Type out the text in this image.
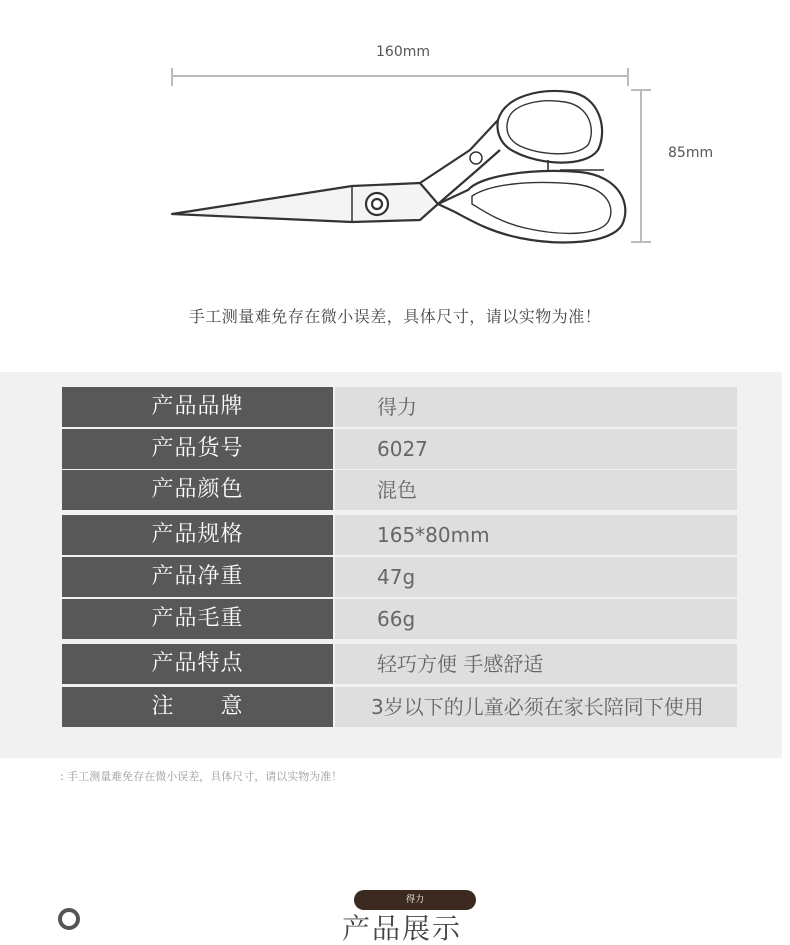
160mm
85mm
手工测量难免存在微小误差，具体尺寸，请以实物为准！
产品品牌	得力
产品货号	6027
产品颜色	混色
产品规格	165*80mm
产品净重	47g
产品毛重	66g
产品特点	轻巧方便 手感舒适
注　　意	3岁以下的儿童必须在家长陪同下使用
: 手工测量难免存在微小误差，具体尺寸，请以实物为准！
得力
产品展示
